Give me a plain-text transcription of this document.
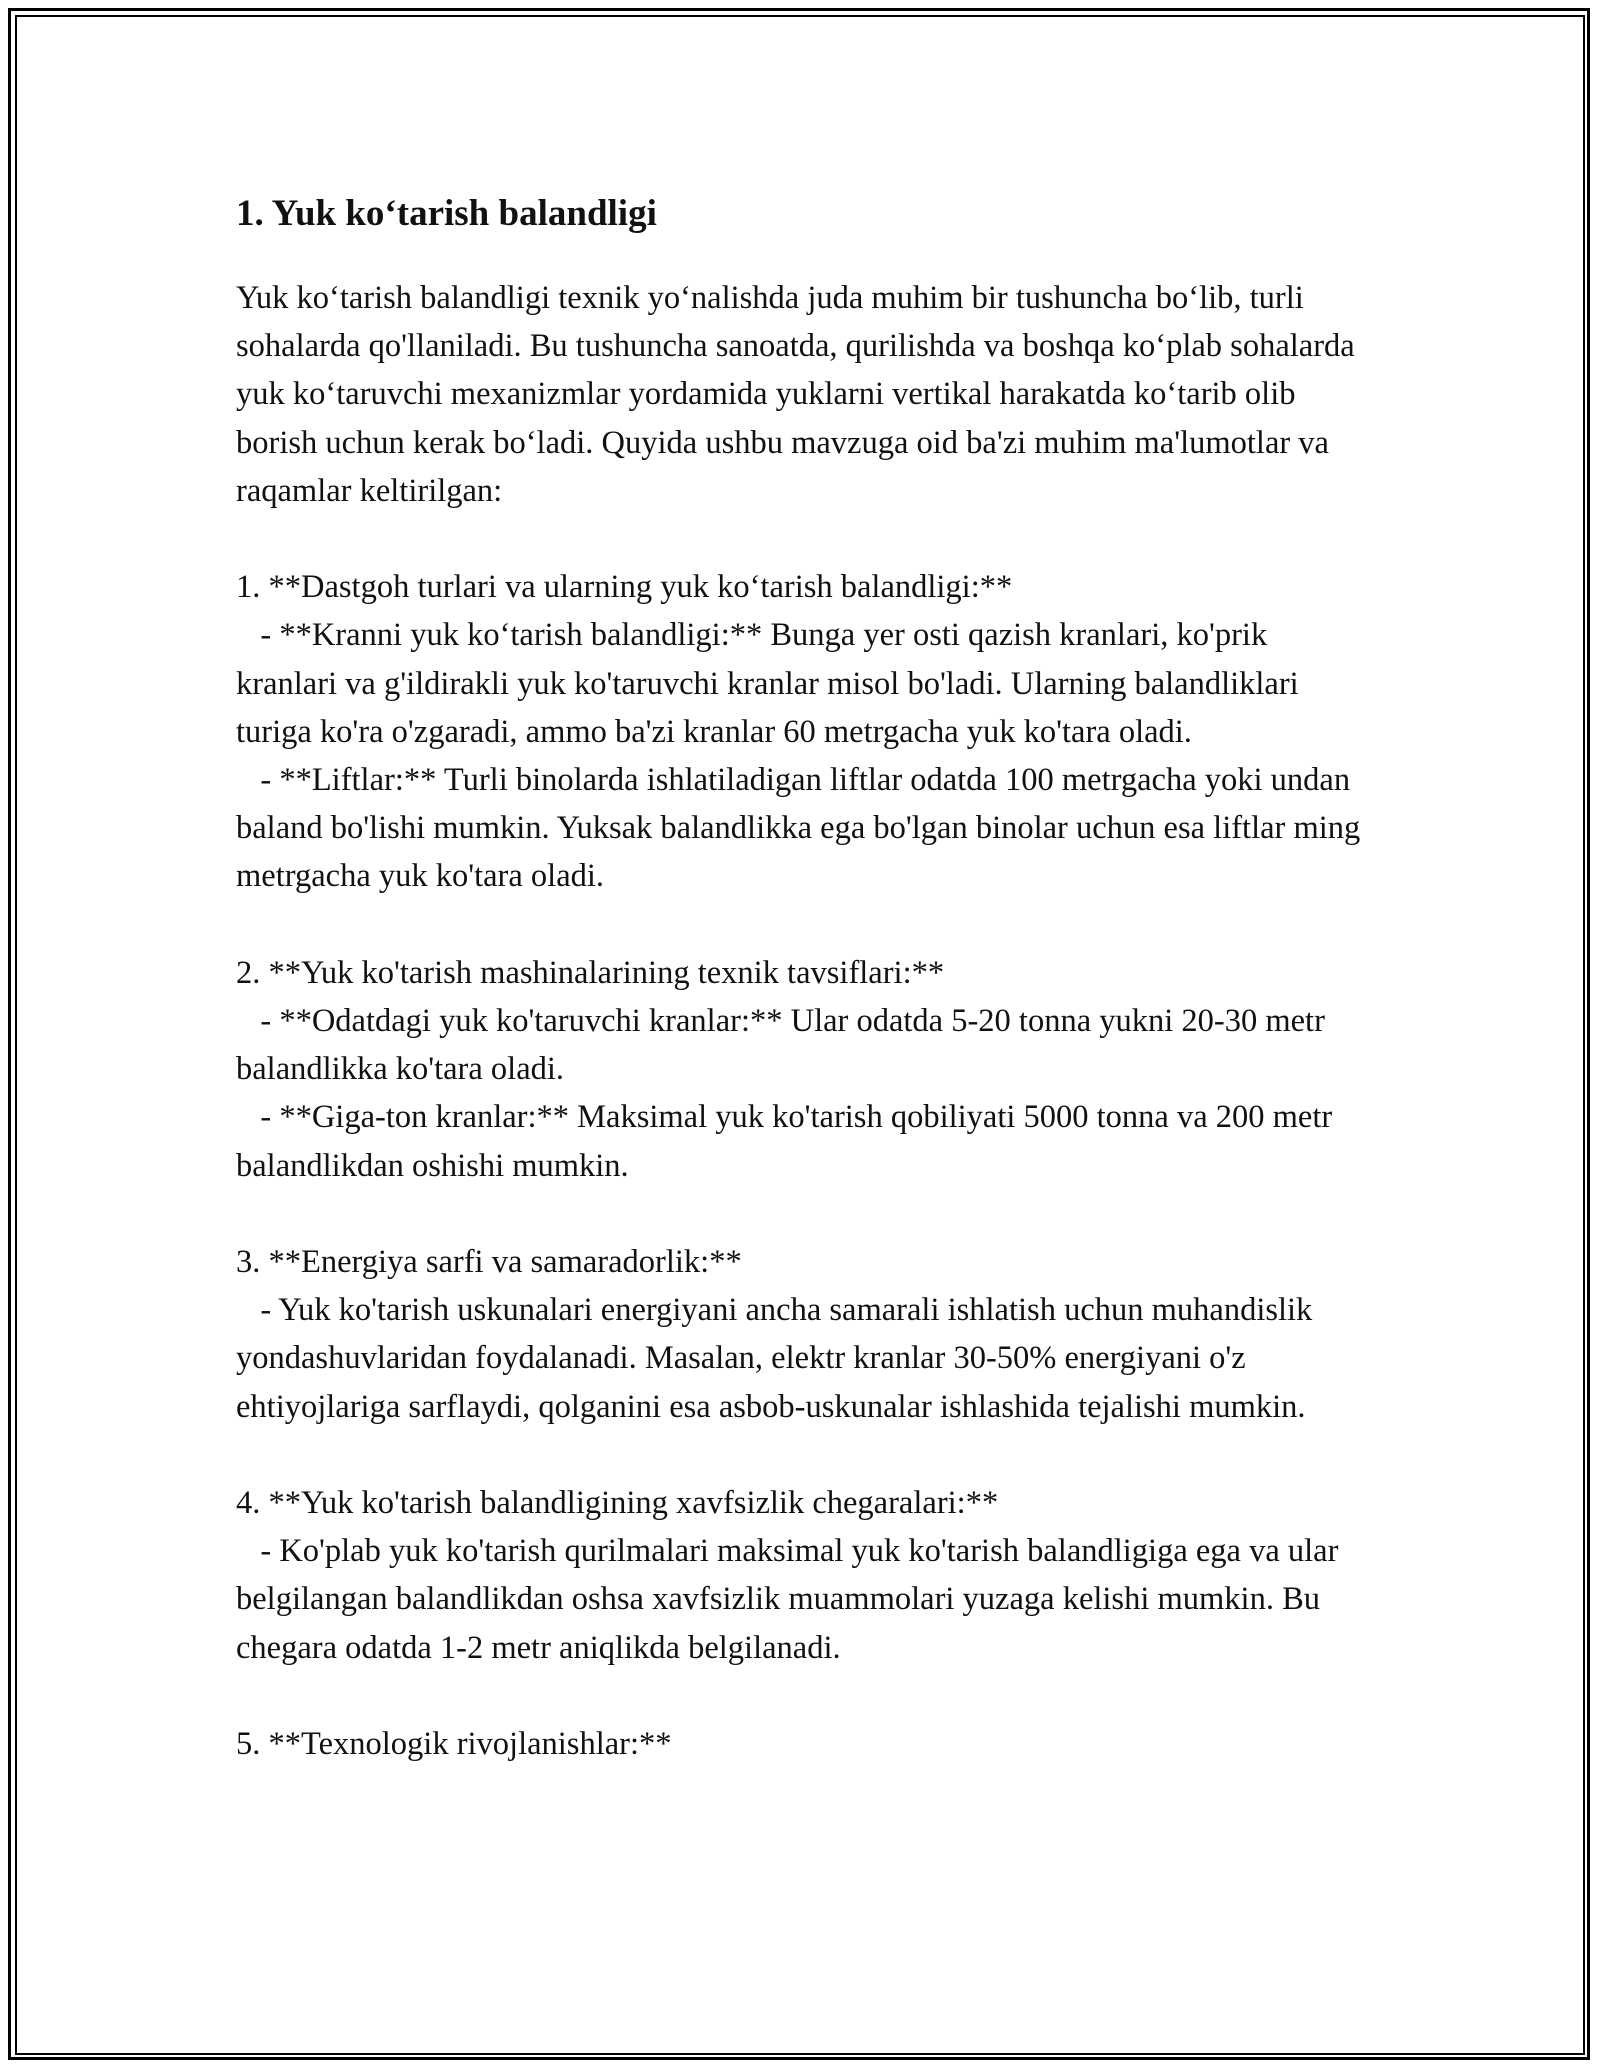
1. Yuk ko‘tarish balandligi

Yuk ko‘tarish balandligi texnik yo‘nalishda juda muhim bir tushuncha bo‘lib, turli sohalarda qo'llaniladi. Bu tushuncha sanoatda, qurilishda va boshqa ko‘plab sohalarda yuk ko‘taruvchi mexanizmlar yordamida yuklarni vertikal harakatda ko‘tarib olib borish uchun kerak bo‘ladi. Quyida ushbu mavzuga oid ba'zi muhim ma'lumotlar va raqamlar keltirilgan:

1. **Dastgoh turlari va ularning yuk ko‘tarish balandligi:**

- **Kranni yuk ko‘tarish balandligi:** Bunga yer osti qazish kranlari, ko'prik kranlari va g'ildirakli yuk ko'taruvchi kranlar misol bo'ladi. Ularning balandliklari turiga ko'ra o'zgaradi, ammo ba'zi kranlar 60 metrgacha yuk ko'tara oladi.

- **Liftlar:** Turli binolarda ishlatiladigan liftlar odatda 100 metrgacha yoki undan baland bo'lishi mumkin. Yuksak balandlikka ega bo'lgan binolar uchun esa liftlar ming metrgacha yuk ko'tara oladi.

2. **Yuk ko'tarish mashinalarining texnik tavsiflari:**

- **Odatdagi yuk ko'taruvchi kranlar:** Ular odatda 5-20 tonna yukni 20-30 metr balandlikka ko'tara oladi.

- **Giga-ton kranlar:** Maksimal yuk ko'tarish qobiliyati 5000 tonna va 200 metr balandlikdan oshishi mumkin.

3. **Energiya sarfi va samaradorlik:**

- Yuk ko'tarish uskunalari energiyani ancha samarali ishlatish uchun muhandislik yondashuvlaridan foydalanadi. Masalan, elektr kranlar 30-50% energiyani o'z ehtiyojlariga sarflaydi, qolganini esa asbob-uskunalar ishlashida tejalishi mumkin.

4. **Yuk ko'tarish balandligining xavfsizlik chegaralari:**

- Ko'plab yuk ko'tarish qurilmalari maksimal yuk ko'tarish balandligiga ega va ular belgilangan balandlikdan oshsa xavfsizlik muammolari yuzaga kelishi mumkin. Bu chegara odatda 1-2 metr aniqlikda belgilanadi.

5. **Texnologik rivojlanishlar:**
